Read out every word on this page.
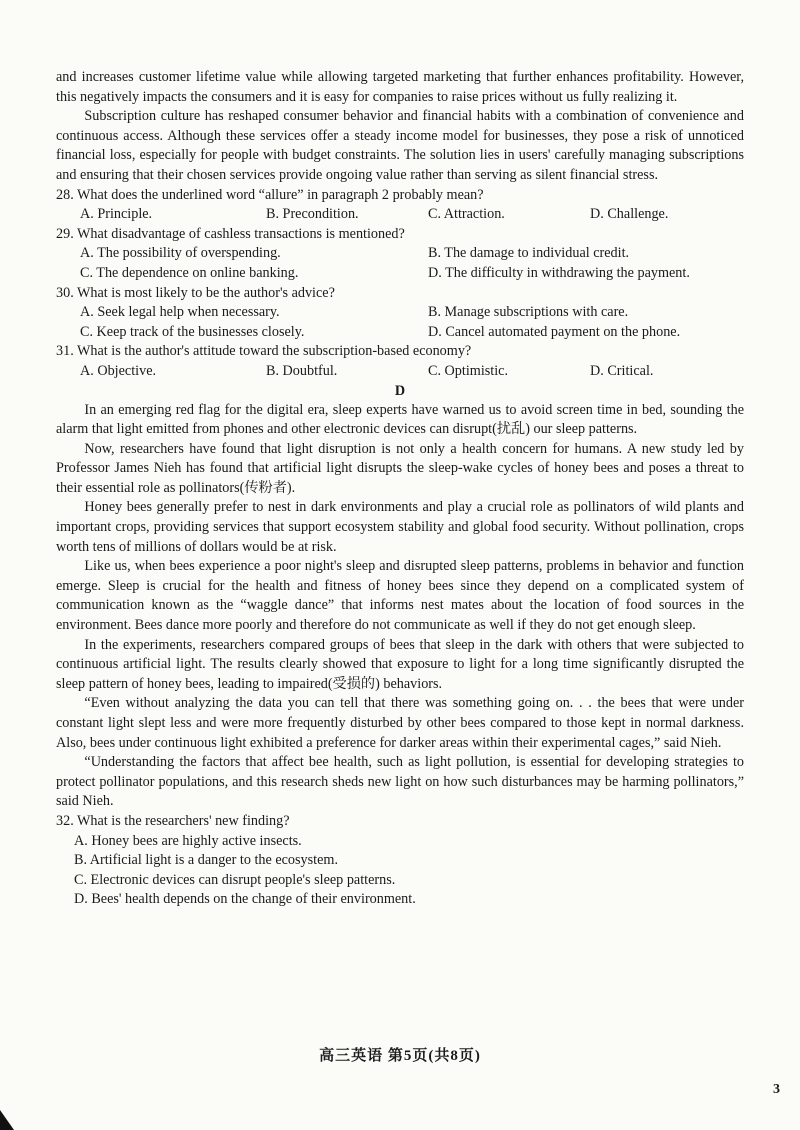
and increases customer lifetime value while allowing targeted marketing that further enhances profitability. However, this negatively impacts the consumers and it is easy for companies to raise prices without us fully realizing it.

Subscription culture has reshaped consumer behavior and financial habits with a combination of convenience and continuous access. Although these services offer a steady income model for businesses, they pose a risk of unnoticed financial loss, especially for people with budget constraints. The solution lies in users' carefully managing subscriptions and ensuring that their chosen services provide ongoing value rather than serving as silent financial stress.

28. What does the underlined word “allure” in paragraph 2 probably mean?

A. Principle.	B. Precondition.	C. Attraction.	D. Challenge.

29. What disadvantage of cashless transactions is mentioned?

A. The possibility of overspending.	B. The damage to individual credit.
C. The dependence on online banking.	D. The difficulty in withdrawing the payment.

30. What is most likely to be the author's advice?

A. Seek legal help when necessary.	B. Manage subscriptions with care.
C. Keep track of the businesses closely.	D. Cancel automated payment on the phone.

31. What is the author's attitude toward the subscription-based economy?

A. Objective.	B. Doubtful.	C. Optimistic.	D. Critical.

D

In an emerging red flag for the digital era, sleep experts have warned us to avoid screen time in bed, sounding the alarm that light emitted from phones and other electronic devices can disrupt(扰乱) our sleep patterns.

Now, researchers have found that light disruption is not only a health concern for humans. A new study led by Professor James Nieh has found that artificial light disrupts the sleep-wake cycles of honey bees and poses a threat to their essential role as pollinators(传粉者).

Honey bees generally prefer to nest in dark environments and play a crucial role as pollinators of wild plants and important crops, providing services that support ecosystem stability and global food security. Without pollination, crops worth tens of millions of dollars would be at risk.

Like us, when bees experience a poor night's sleep and disrupted sleep patterns, problems in behavior and function emerge. Sleep is crucial for the health and fitness of honey bees since they depend on a complicated system of communication known as the “waggle dance” that informs nest mates about the location of food sources in the environment. Bees dance more poorly and therefore do not communicate as well if they do not get enough sleep.

In the experiments, researchers compared groups of bees that sleep in the dark with others that were subjected to continuous artificial light. The results clearly showed that exposure to light for a long time significantly disrupted the sleep pattern of honey bees, leading to impaired(受损的) behaviors.

“Even without analyzing the data you can tell that there was something going on. . . the bees that were under constant light slept less and were more frequently disturbed by other bees compared to those kept in normal darkness. Also, bees under continuous light exhibited a preference for darker areas within their experimental cages,” said Nieh.

“Understanding the factors that affect bee health, such as light pollution, is essential for developing strategies to protect pollinator populations, and this research sheds new light on how such disturbances may be harming pollinators,” said Nieh.

32. What is the researchers' new finding?

A. Honey bees are highly active insects.
B. Artificial light is a danger to the ecosystem.
C. Electronic devices can disrupt people's sleep patterns.
D. Bees' health depends on the change of their environment.
高三英语 第5页(共8页)
3
